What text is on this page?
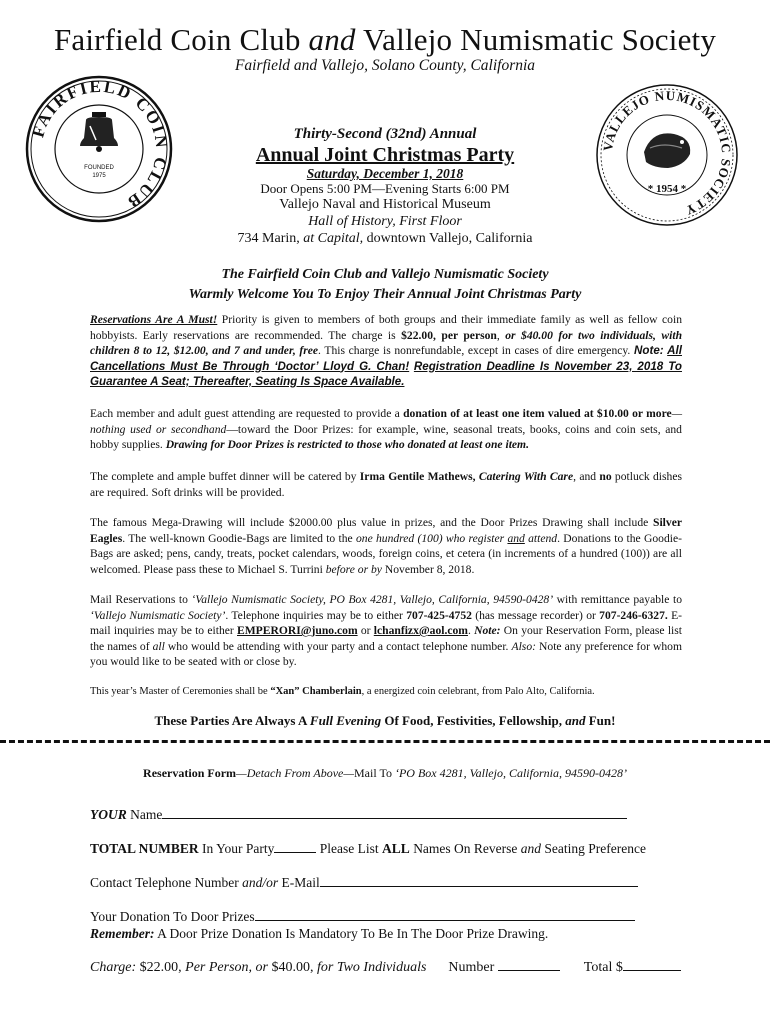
Fairfield Coin Club and Vallejo Numismatic Society
Fairfield and Vallejo, Solano County, California
FAIRFIELD COIN CLUB
FOUNDED
1975
VALLEJO NUMISMATIC SOCIETY
* 1954 *
Thirty-Second (32nd) Annual
Annual Joint Christmas Party
Saturday, December 1, 2018
Door Opens 5:00 PM—Evening Starts 6:00 PM
Vallejo Naval and Historical Museum
Hall of History, First Floor
734 Marin, at Capital, downtown Vallejo, California
The Fairfield Coin Club and Vallejo Numismatic Society
Warmly Welcome You To Enjoy Their Annual Joint Christmas Party
Reservations Are A Must! Priority is given to members of both groups and their immediate family as well as fellow coin hobbyists. Early reservations are recommended. The charge is $22.00, per person, or $40.00 for two individuals, with children 8 to 12, $12.00, and 7 and under, free. This charge is nonrefundable, except in cases of dire emergency. Note: All Cancellations Must Be Through ‘Doctor’ Lloyd G. Chan! Registration Deadline Is November 23, 2018 To Guarantee A Seat; Thereafter, Seating Is Space Available.
Each member and adult guest attending are requested to provide a donation of at least one item valued at $10.00 or more—nothing used or secondhand—toward the Door Prizes: for example, wine, seasonal treats, books, coins and coin sets, and hobby supplies. Drawing for Door Prizes is restricted to those who donated at least one item.
The complete and ample buffet dinner will be catered by Irma Gentile Mathews, Catering With Care, and no potluck dishes are required. Soft drinks will be provided.
The famous Mega-Drawing will include $2000.00 plus value in prizes, and the Door Prizes Drawing shall include Silver Eagles. The well-known Goodie-Bags are limited to the one hundred (100) who register and attend. Donations to the Goodie-Bags are asked; pens, candy, treats, pocket calendars, woods, foreign coins, et cetera (in increments of a hundred (100)) are all welcomed. Please pass these to Michael S. Turrini before or by November 8, 2018.
Mail Reservations to ‘Vallejo Numismatic Society, PO Box 4281, Vallejo, California, 94590-0428’ with remittance payable to ‘Vallejo Numismatic Society’. Telephone inquiries may be to either 707-425-4752 (has message recorder) or 707-246-6327. E-mail inquiries may be to either EMPERORI@juno.com or lchanfizx@aol.com. Note: On your Reservation Form, please list the names of all who would be attending with your party and a contact telephone number. Also: Note any preference for whom you would like to be seated with or close by.
This year’s Master of Ceremonies shall be “Xan” Chamberlain, a energized coin celebrant, from Palo Alto, California.
These Parties Are Always A Full Evening Of Food, Festivities, Fellowship, and Fun!
Reservation Form—Detach From Above—Mail To ‘PO Box 4281, Vallejo, California, 94590-0428’
YOUR Name
TOTAL NUMBER In Your Party	Please List ALL Names On Reverse and Seating Preference
Contact Telephone Number and/or E-Mail
Your Donation To Door Prizes
Remember: A Door Prize Donation Is Mandatory To Be In The Door Prize Drawing.
Charge: $22.00, Per Person, or $40.00, for Two Individuals Number	Total $
